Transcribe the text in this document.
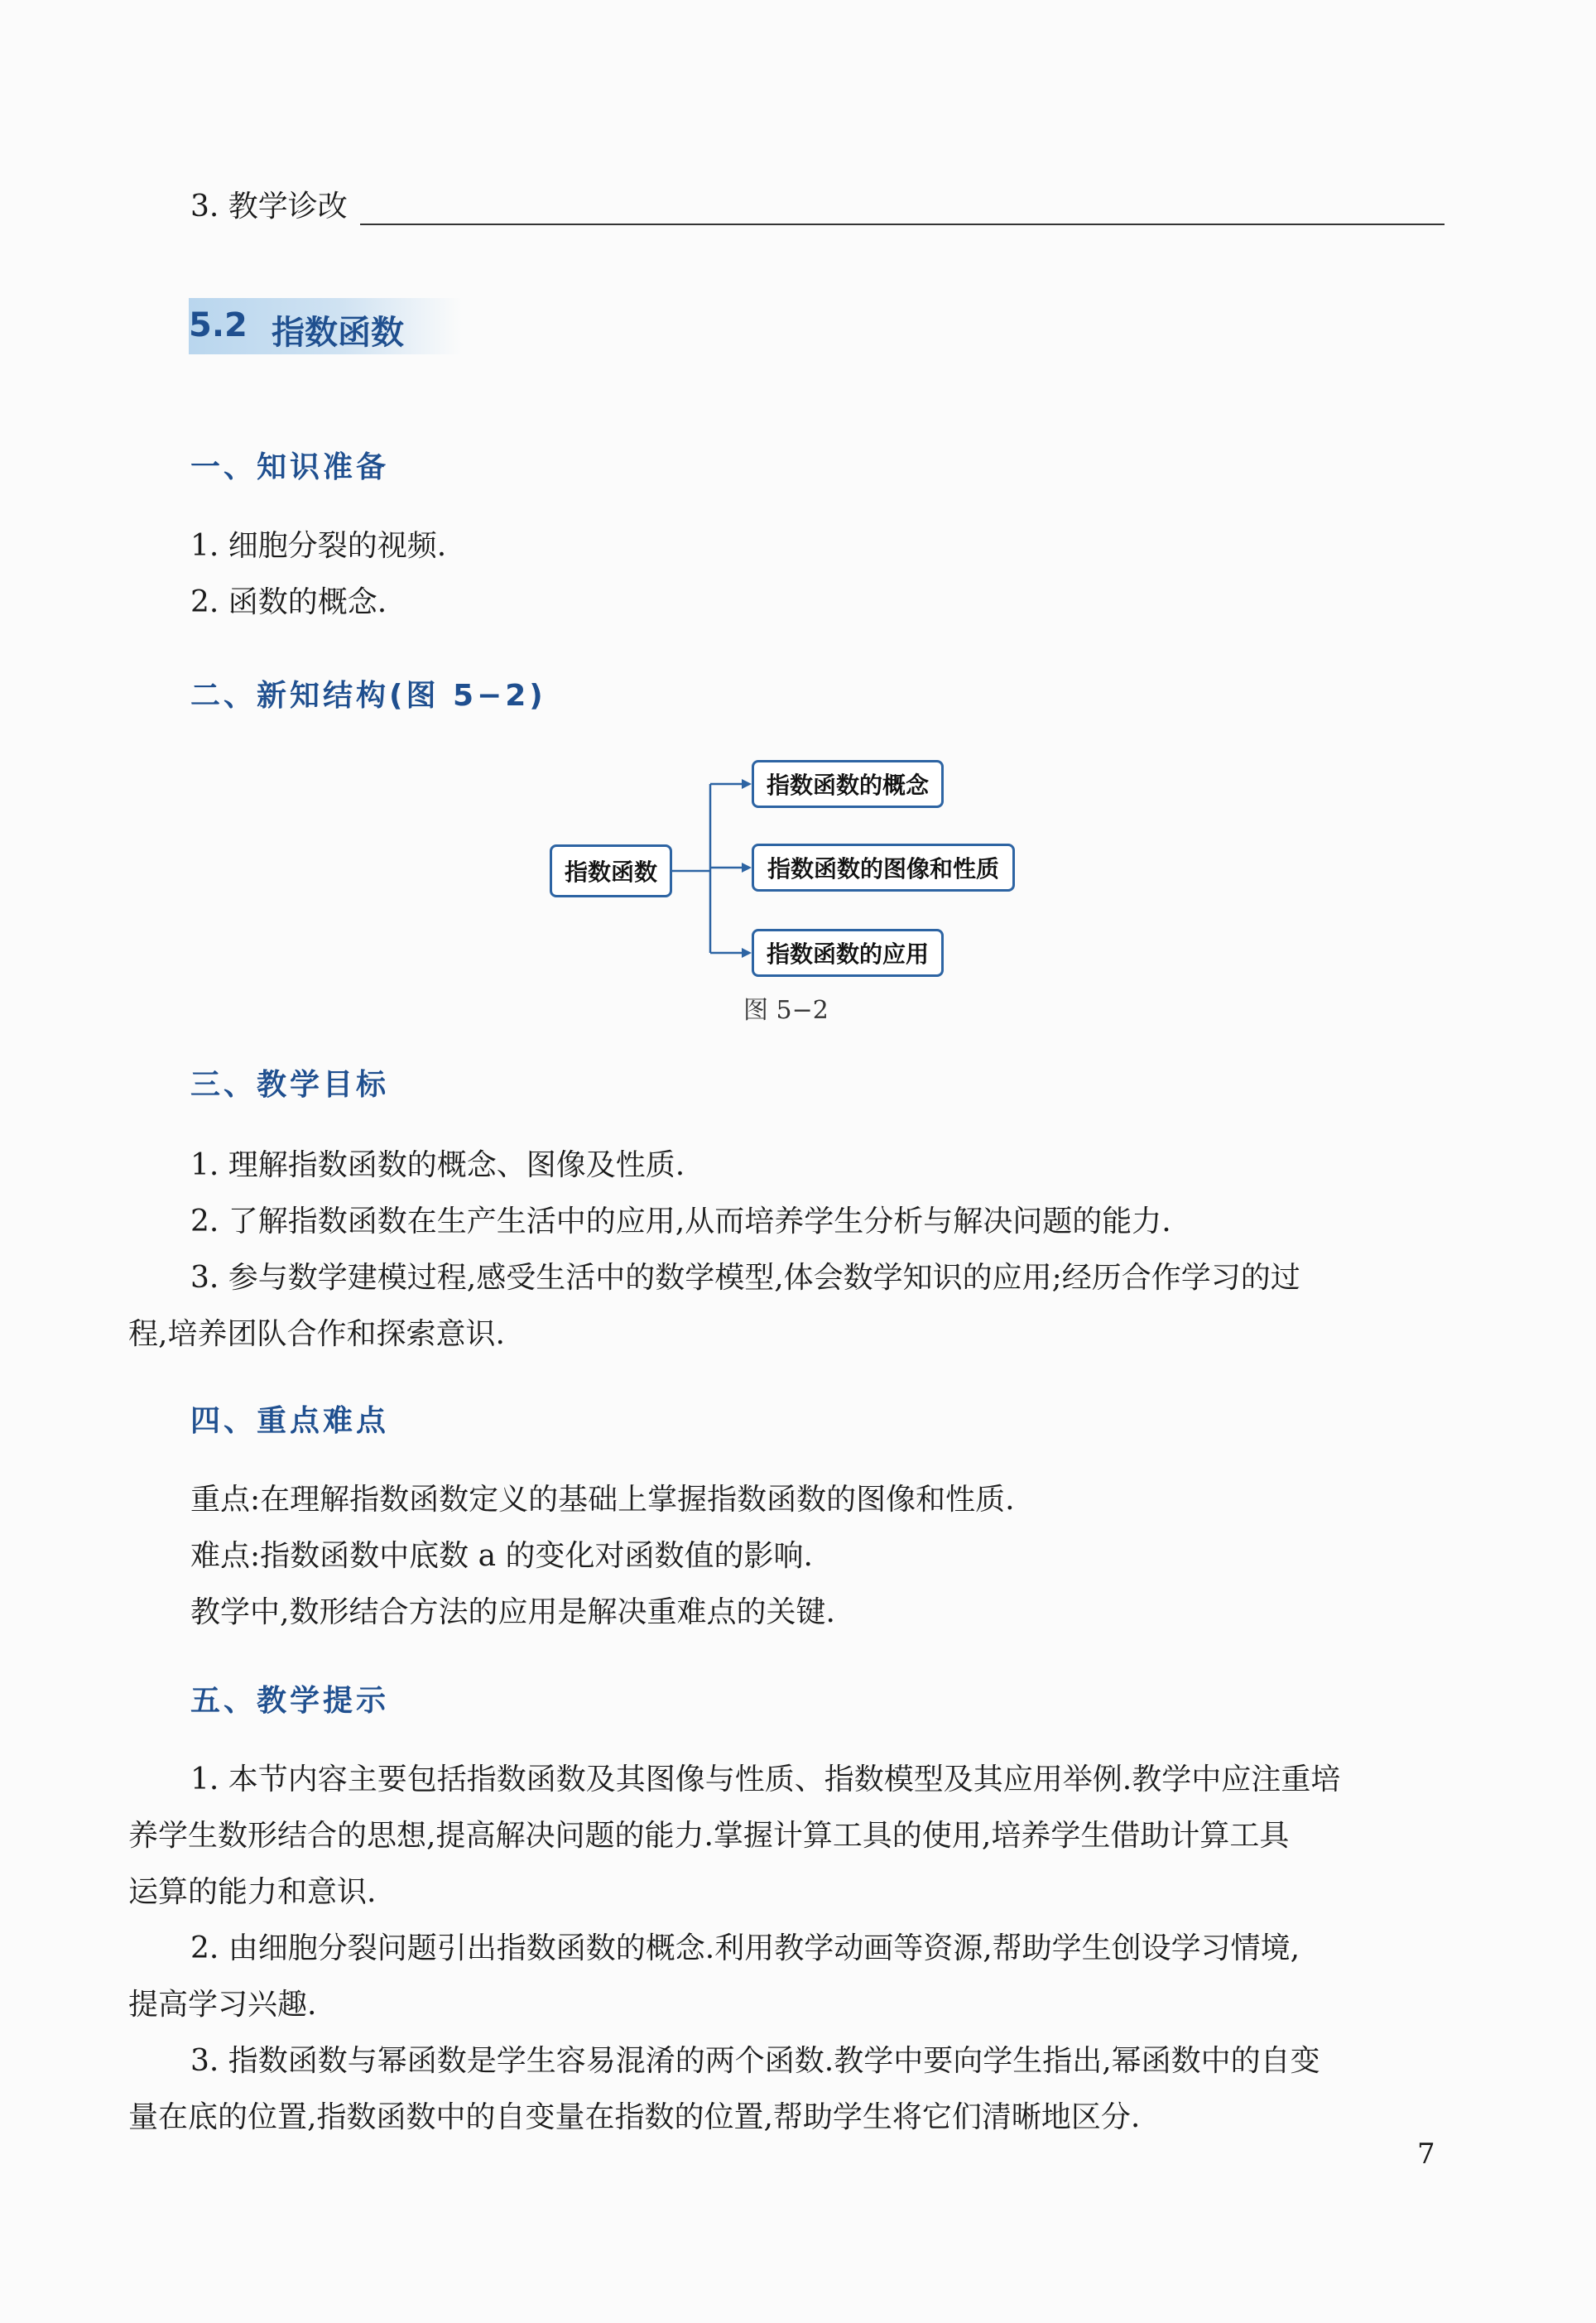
3. 教学诊改
5.2 指数函数
一、知识准备
1. 细胞分裂的视频.
2. 函数的概念.
二、新知结构(图 5−2)
指数函数
指数函数的概念
指数函数的图像和性质
指数函数的应用
图 5−2
三、教学目标
1. 理解指数函数的概念、图像及性质.
2. 了解指数函数在生产生活中的应用,从而培养学生分析与解决问题的能力.
3. 参与数学建模过程,感受生活中的数学模型,体会数学知识的应用;经历合作学习的过
程,培养团队合作和探索意识.
四、重点难点
重点:在理解指数函数定义的基础上掌握指数函数的图像和性质.
难点:指数函数中底数 a 的变化对函数值的影响.
教学中,数形结合方法的应用是解决重难点的关键.
五、教学提示
1. 本节内容主要包括指数函数及其图像与性质、指数模型及其应用举例.教学中应注重培
养学生数形结合的思想,提高解决问题的能力.掌握计算工具的使用,培养学生借助计算工具
运算的能力和意识.
2. 由细胞分裂问题引出指数函数的概念.利用教学动画等资源,帮助学生创设学习情境,
提高学习兴趣.
3. 指数函数与幂函数是学生容易混淆的两个函数.教学中要向学生指出,幂函数中的自变
量在底的位置,指数函数中的自变量在指数的位置,帮助学生将它们清晰地区分.
7
